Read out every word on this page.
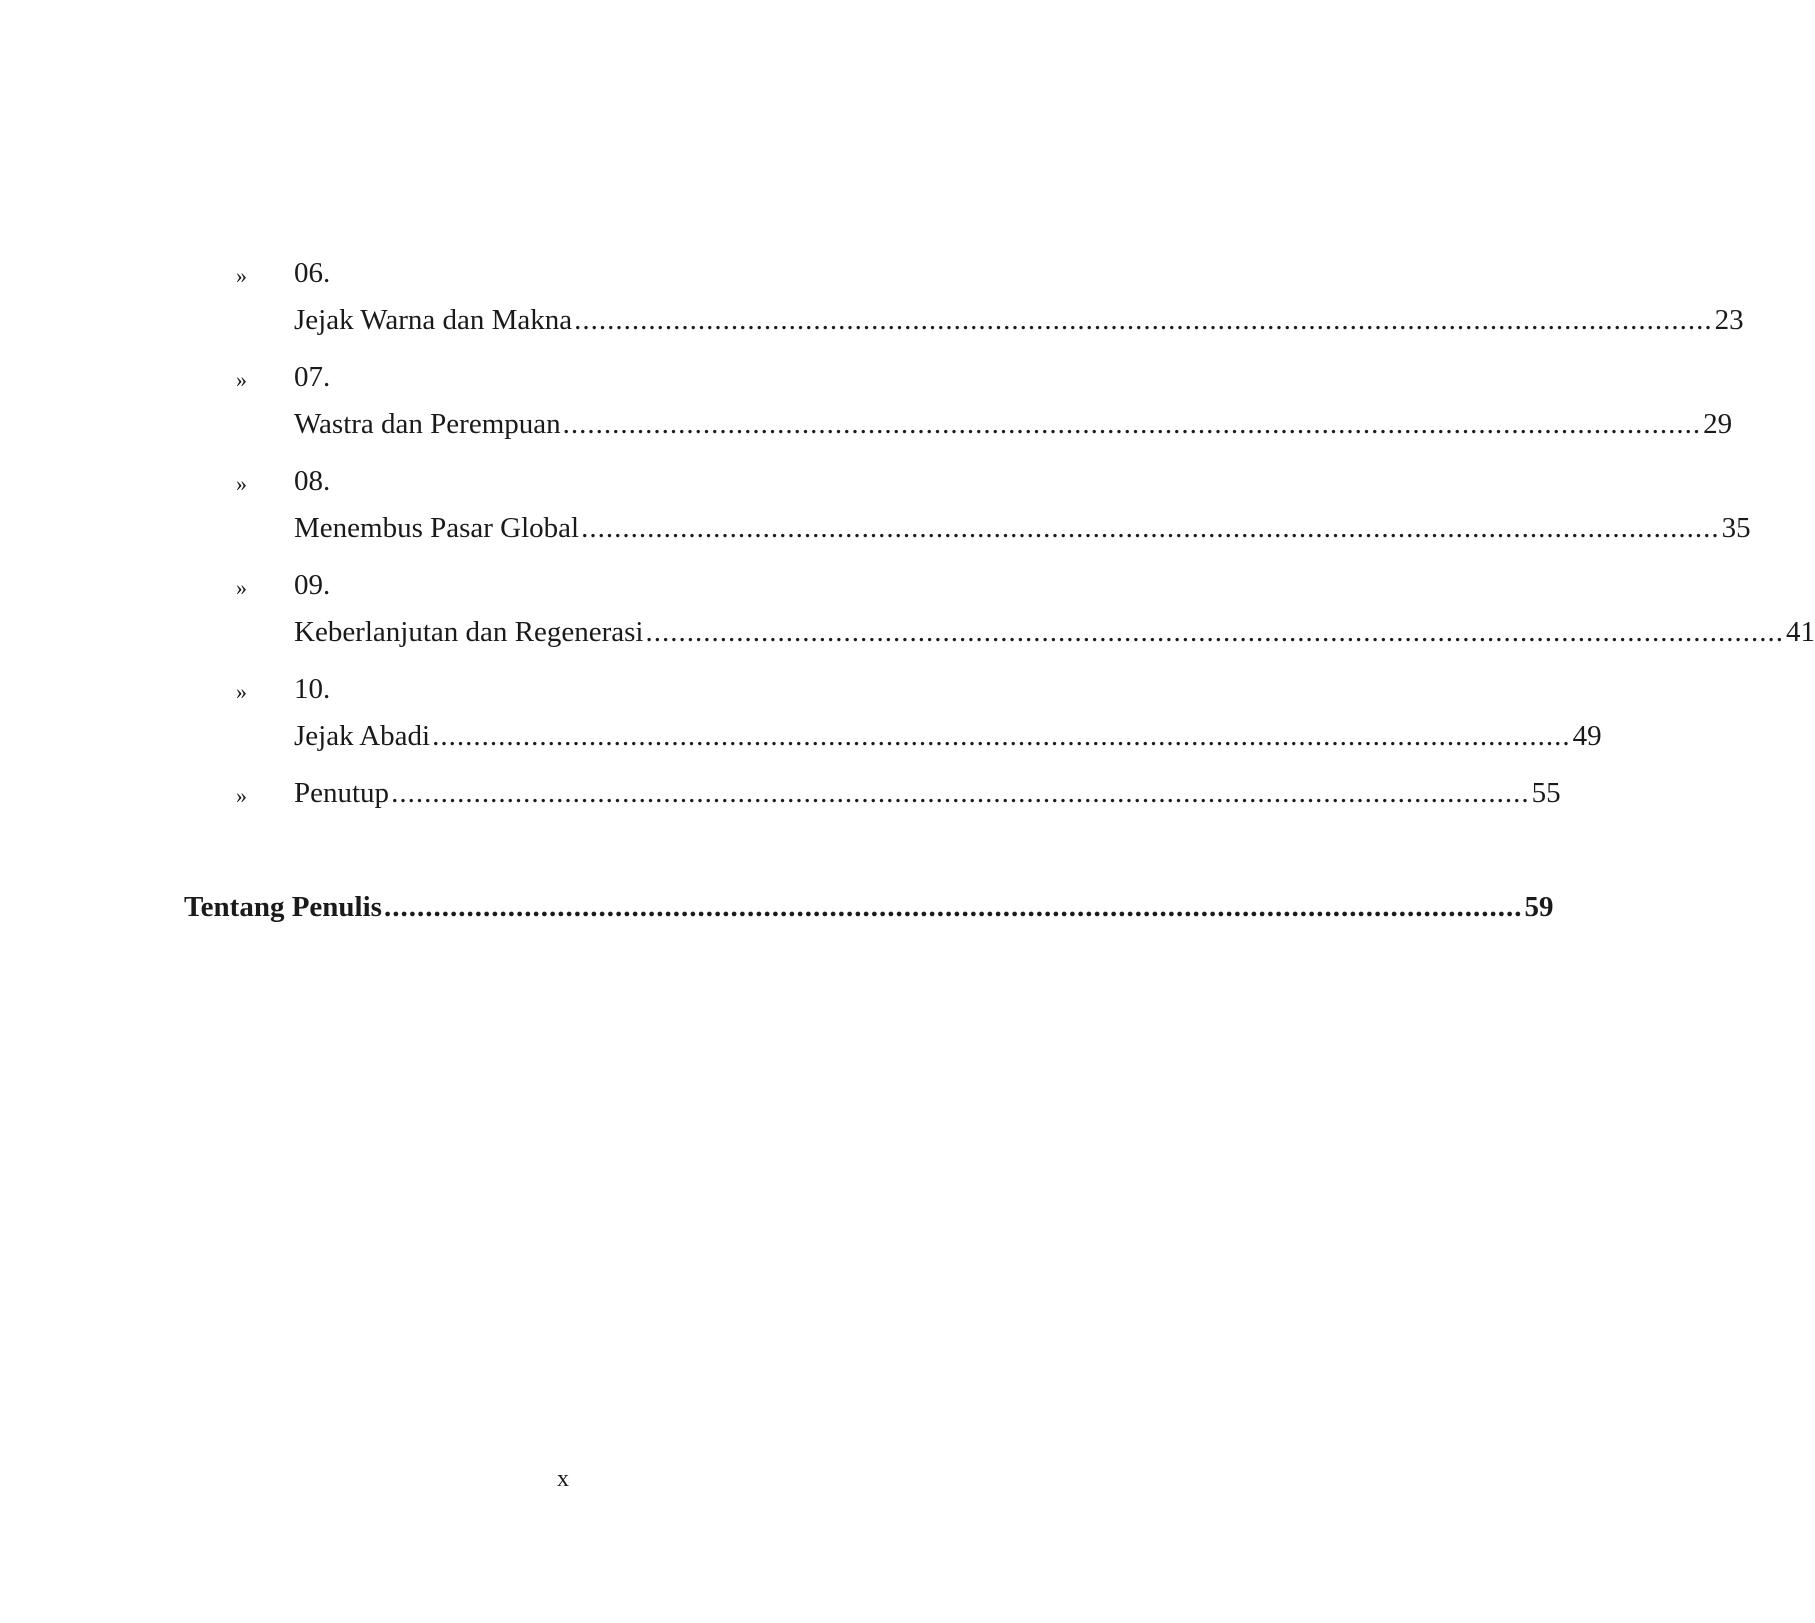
»	06.
Jejak Warna dan Makna .......................................................................................................................................... 23
»	07.
Wastra dan Perempuan .......................................................................................................................................... 29
»	08.
Menembus Pasar Global .......................................................................................................................................... 35
»	09.
Keberlanjutan dan Regenerasi .......................................................................................................................................... 41
»	10.
Jejak Abadi .......................................................................................................................................... 49
»	Penutup .......................................................................................................................................... 55
Tentang Penulis .......................................................................................................................................... 59
x
